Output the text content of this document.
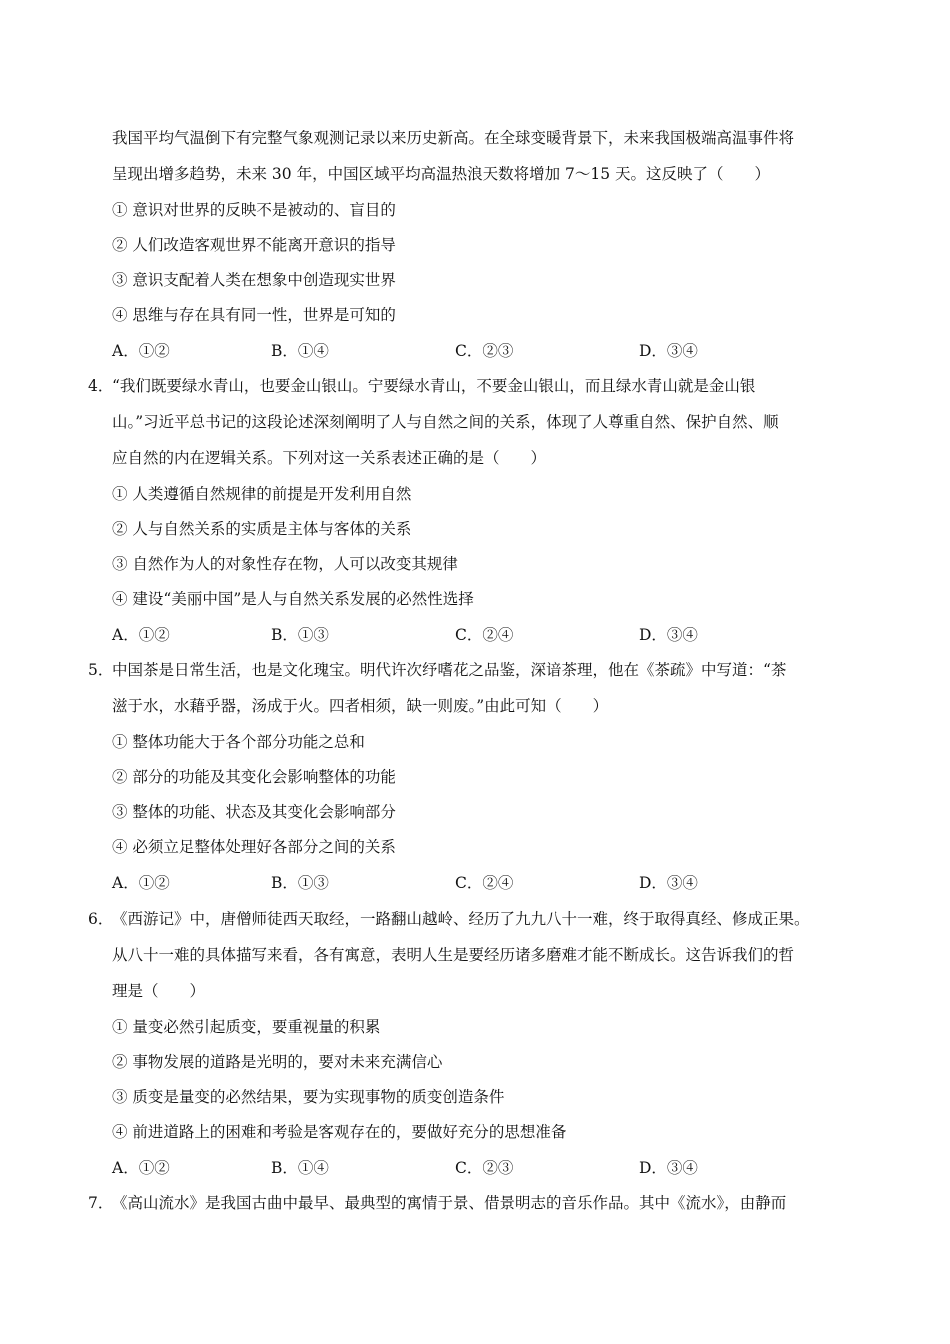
我国平均气温倒下有完整气象观测记录以来历史新高。在全球变暖背景下，未来我国极端高温事件将
呈现出增多趋势，未来 30 年，中国区域平均高温热浪天数将增加 7～15 天。这反映了（　　）
① 意识对世界的反映不是被动的、盲目的
② 人们改造客观世界不能离开意识的指导
③ 意识支配着人类在想象中创造现实世界
④ 思维与存在具有同一性，世界是可知的
A．①②	B．①④	C．②③	D．③④
4．
“我们既要绿水青山，也要金山银山。宁要绿水青山，不要金山银山，而且绿水青山就是金山银
山。”习近平总书记的这段论述深刻阐明了人与自然之间的关系，体现了人尊重自然、保护自然、顺
应自然的内在逻辑关系。下列对这一关系表述正确的是（　　）
① 人类遵循自然规律的前提是开发利用自然
② 人与自然关系的实质是主体与客体的关系
③ 自然作为人的对象性存在物，人可以改变其规律
④ 建设“美丽中国”是人与自然关系发展的必然性选择
A．①②	B．①③	C．②④	D．③④
5．
中国茶是日常生活，也是文化瑰宝。明代许次纾嗜花之品鉴，深谙茶理，他在《茶疏》中写道：“茶
滋于水，水藉乎器，汤成于火。四者相须，缺一则废。”由此可知（　　）
① 整体功能大于各个部分功能之总和
② 部分的功能及其变化会影响整体的功能
③ 整体的功能、状态及其变化会影响部分
④ 必须立足整体处理好各部分之间的关系
A．①②	B．①③	C．②④	D．③④
6．
《西游记》中，唐僧师徒西天取经，一路翻山越岭、经历了九九八十一难，终于取得真经、修成正果。
从八十一难的具体描写来看，各有寓意，表明人生是要经历诸多磨难才能不断成长。这告诉我们的哲
理是（　　）
① 量变必然引起质变，要重视量的积累
② 事物发展的道路是光明的，要对未来充满信心
③ 质变是量变的必然结果，要为实现事物的质变创造条件
④ 前进道路上的困难和考验是客观存在的，要做好充分的思想准备
A．①②	B．①④	C．②③	D．③④
7．
《高山流水》是我国古曲中最早、最典型的寓情于景、借景明志的音乐作品。其中《流水》，由静而
